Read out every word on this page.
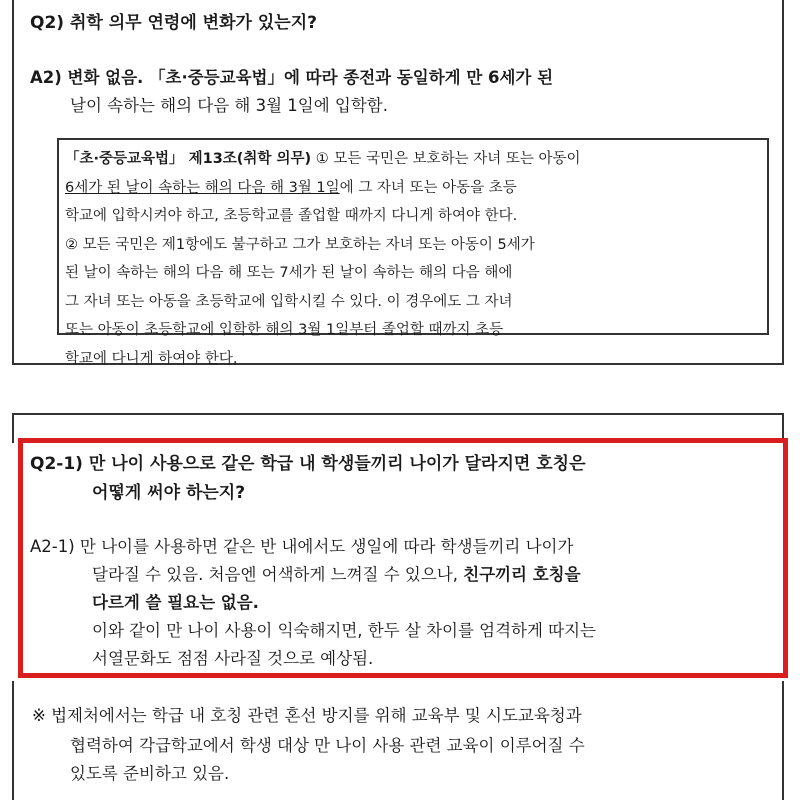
Q2) 취학 의무 연령에 변화가 있는지?
A2) 변화 없음. 「초·중등교육법」에 따라 종전과 동일하게 만 6세가 된
날이 속하는 해의 다음 해 3월 1일에 입학함.
「초·중등교육법」 제13조(취학 의무) ① 모든 국민은 보호하는 자녀 또는 아동이
6세가 된 날이 속하는 해의 다음 해 3월 1일에 그 자녀 또는 아동을 초등
학교에 입학시켜야 하고, 초등학교를 졸업할 때까지 다니게 하여야 한다.
② 모든 국민은 제1항에도 불구하고 그가 보호하는 자녀 또는 아동이 5세가
된 날이 속하는 해의 다음 해 또는 7세가 된 날이 속하는 해의 다음 해에
그 자녀 또는 아동을 초등학교에 입학시킬 수 있다. 이 경우에도 그 자녀
또는 아동이 초등학교에 입학한 해의 3월 1일부터 졸업할 때까지 초등
학교에 다니게 하여야 한다.
Q2-1) 만 나이 사용으로 같은 학급 내 학생들끼리 나이가 달라지면 호칭은
어떻게 써야 하는지?
A2-1) 만 나이를 사용하면 같은 반 내에서도 생일에 따라 학생들끼리 나이가
달라질 수 있음. 처음엔 어색하게 느껴질 수 있으나, 친구끼리 호칭을
다르게 쓸 필요는 없음.
이와 같이 만 나이 사용이 익숙해지면, 한두 살 차이를 엄격하게 따지는
서열문화도 점점 사라질 것으로 예상됨.
※ 법제처에서는 학급 내 호칭 관련 혼선 방지를 위해 교육부 및 시도교육청과
협력하여 각급학교에서 학생 대상 만 나이 사용 관련 교육이 이루어질 수
있도록 준비하고 있음.
